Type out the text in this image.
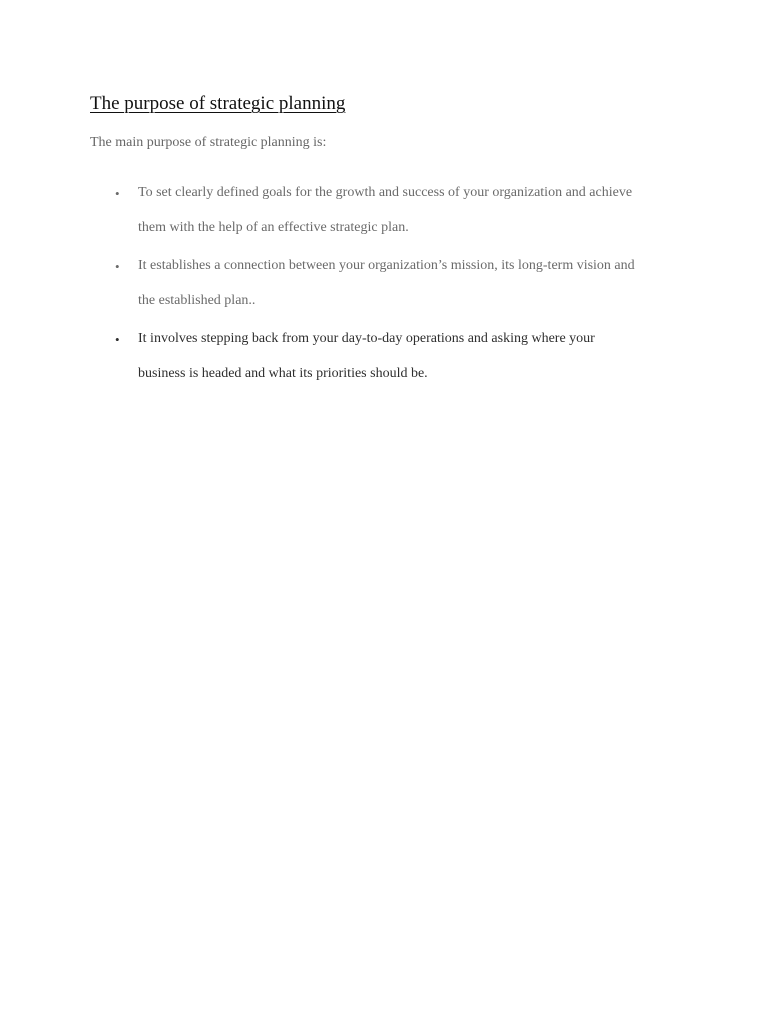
The purpose of strategic planning

The main purpose of strategic planning is:

• To set clearly defined goals for the growth and success of your organization and achieve

them with the help of an effective strategic plan.

• It establishes a connection between your organization’s mission, its long-term vision and

the established plan..

• It involves stepping back from your day-to-day operations and asking where your

business is headed and what its priorities should be.
